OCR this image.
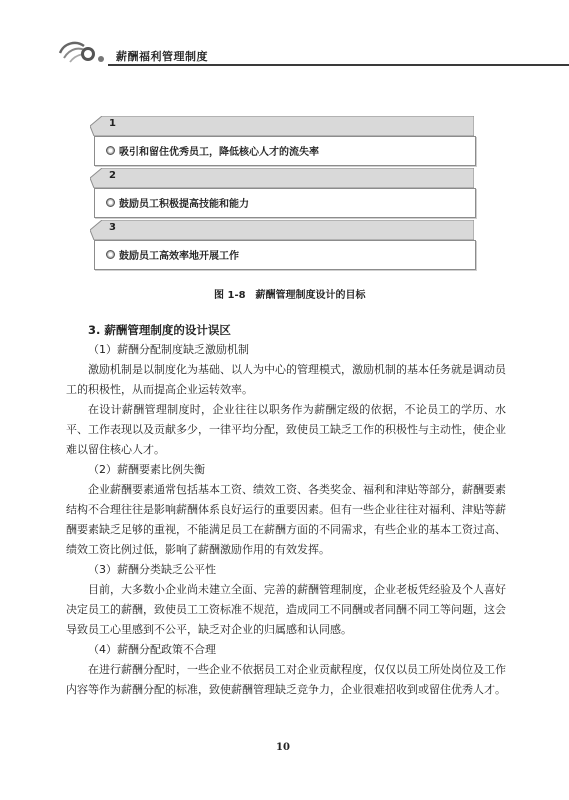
薪酬福利管理制度
1
吸引和留住优秀员工，降低核心人才的流失率
2
鼓励员工积极提高技能和能力
3
鼓励员工高效率地开展工作
图 1-8　薪酬管理制度设计的目标

3. 薪酬管理制度的设计误区

（1）薪酬分配制度缺乏激励机制

激励机制是以制度化为基础、以人为中心的管理模式，激励机制的基本任务就是调动员工的积极性，从而提高企业运转效率。

在设计薪酬管理制度时，企业往往以职务作为薪酬定级的依据，不论员工的学历、水平、工作表现以及贡献多少，一律平均分配，致使员工缺乏工作的积极性与主动性，使企业难以留住核心人才。

（2）薪酬要素比例失衡

企业薪酬要素通常包括基本工资、绩效工资、各类奖金、福利和津贴等部分，薪酬要素结构不合理往往是影响薪酬体系良好运行的重要因素。但有一些企业往往对福利、津贴等薪酬要素缺乏足够的重视，不能满足员工在薪酬方面的不同需求，有些企业的基本工资过高、绩效工资比例过低，影响了薪酬激励作用的有效发挥。

（3）薪酬分类缺乏公平性

目前，大多数小企业尚未建立全面、完善的薪酬管理制度，企业老板凭经验及个人喜好决定员工的薪酬，致使员工工资标准不规范，造成同工不同酬或者同酬不同工等问题，这会导致员工心里感到不公平，缺乏对企业的归属感和认同感。

（4）薪酬分配政策不合理

在进行薪酬分配时，一些企业不依据员工对企业贡献程度，仅仅以员工所处岗位及工作内容等作为薪酬分配的标准，致使薪酬管理缺乏竞争力，企业很难招收到或留住优秀人才。

10
